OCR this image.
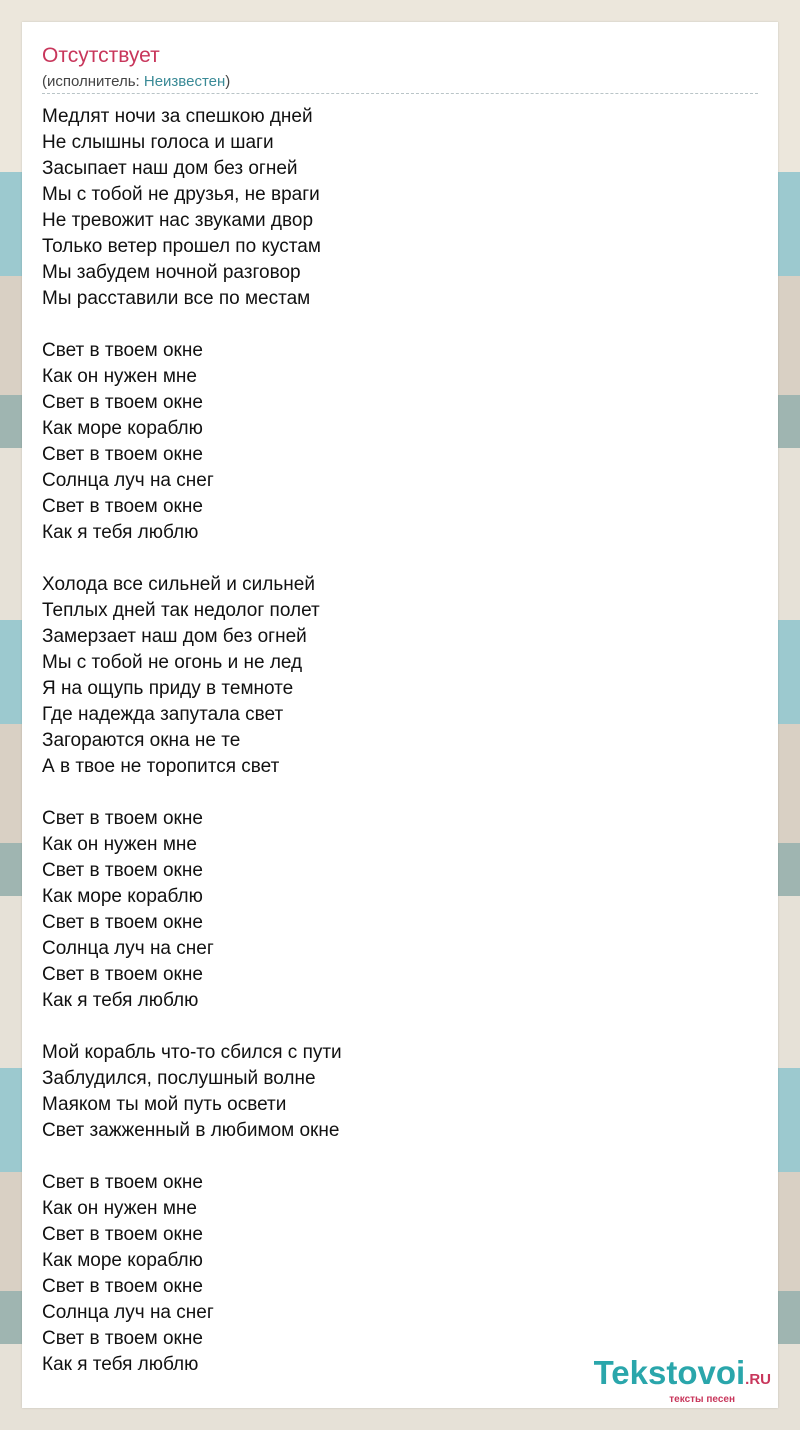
Отсутствует
(исполнитель: Неизвестен)
Медлят ночи за спешкою дней
Не слышны голоса и шаги
Засыпает наш дом без огней
Мы с тобой не друзья, не враги
Не тревожит нас звуками двор
Только ветер прошел по кустам
Мы забудем ночной разговор
Мы расставили все по местам
Свет в твоем окне
Как он нужен мне
Свет в твоем окне
Как море кораблю
Свет в твоем окне
Солнца луч на снег
Свет в твоем окне
Как я тебя люблю
Холода все сильней и сильней
Теплых дней так недолог полет
Замерзает наш дом без огней
Мы с тобой не огонь и не лед
Я на ощупь приду в темноте
Где надежда запутала свет
Загораются окна не те
А в твое не торопится свет
Свет в твоем окне
Как он нужен мне
Свет в твоем окне
Как море кораблю
Свет в твоем окне
Солнца луч на снег
Свет в твоем окне
Как я тебя люблю
Мой корабль что-то сбился с пути
Заблудился, послушный волне
Маяком ты мой путь освети
Свет зажженный в любимом окне
Свет в твоем окне
Как он нужен мне
Свет в твоем окне
Как море кораблю
Свет в твоем окне
Солнца луч на снег
Свет в твоем окне
Как я тебя люблю	Tekstovoi.RU
тексты песен
